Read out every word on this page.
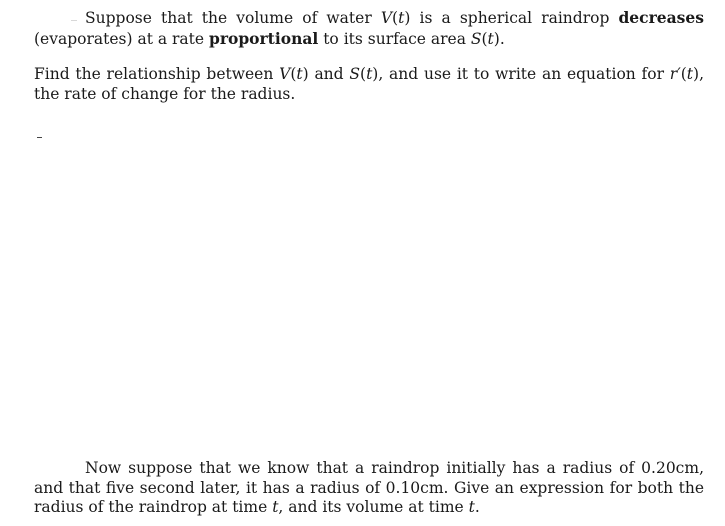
Suppose that the volume of water V(t) is a spherical raindrop decreases (evaporates) at a rate proportional to its surface area S(t).

Find the relationship between V(t) and S(t), and use it to write an equation for r′(t), the rate of change for the radius.

Now suppose that we know that a raindrop initially has a radius of 0.20cm, and that five second later, it has a radius of 0.10cm. Give an expression for both the radius of the raindrop at time t, and its volume at time t.
